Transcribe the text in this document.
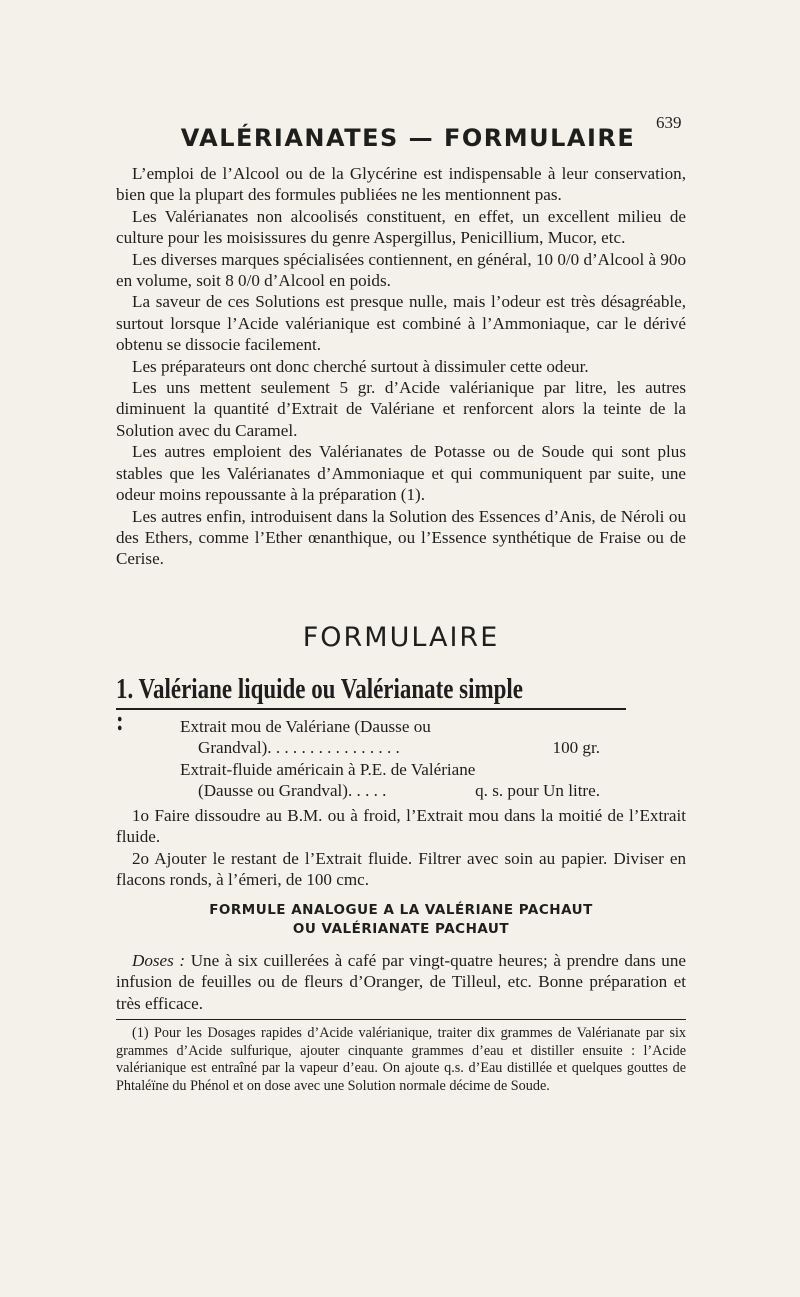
639
VALÉRIANATES — FORMULAIRE

L’emploi de l’Alcool ou de la Glycérine est indispensable à leur conservation, bien que la plupart des formules publiées ne les mentionnent pas.

Les Valérianates non alcoolisés constituent, en effet, un excellent milieu de culture pour les moisissures du genre Aspergillus, Penicillium, Mucor, etc.

Les diverses marques spécialisées contiennent, en général, 10 0/0 d’Alcool à 90o en volume, soit 8 0/0 d’Alcool en poids.

La saveur de ces Solutions est presque nulle, mais l’odeur est très désagréable, surtout lorsque l’Acide valérianique est combiné à l’Ammoniaque, car le dérivé obtenu se dissocie facilement.

Les préparateurs ont donc cherché surtout à dissimuler cette odeur.

Les uns mettent seulement 5 gr. d’Acide valérianique par litre, les autres diminuent la quantité d’Extrait de Valériane et renforcent alors la teinte de la Solution avec du Caramel.

Les autres emploient des Valérianates de Potasse ou de Soude qui sont plus stables que les Valérianates d’Ammoniaque et qui communiquent par suite, une odeur moins repoussante à la préparation (1).

Les autres enfin, introduisent dans la Solution des Essences d’Anis, de Néroli ou des Ethers, comme l’Ether œnanthique, ou l’Essence synthétique de Fraise ou de Cerise.

FORMULAIRE
1. Valériane liquide ou Valérianate simple :	Extrait mou de Valériane (Dausse ou
Grandval). . . . . . . . . . . . . . . .	100 gr.
Extrait-fluide américain à P.E. de Valériane
(Dausse ou Grandval). . . . .	q. s. pour Un litre.

1o Faire dissoudre au B.M. ou à froid, l’Extrait mou dans la moitié de l’Extrait fluide.

2o Ajouter le restant de l’Extrait fluide. Filtrer avec soin au papier. Diviser en flacons ronds, à l’émeri, de 100 cmc.

FORMULE ANALOGUE A LA VALÉRIANE PACHAUT
OU VALÉRIANATE PACHAUT

Doses : Une à six cuillerées à café par vingt-quatre heures; à prendre dans une infusion de feuilles ou de fleurs d’Oranger, de Tilleul, etc. Bonne préparation et très efficace.

(1) Pour les Dosages rapides d’Acide valérianique, traiter dix grammes de Valérianate par six grammes d’Acide sulfurique, ajouter cinquante grammes d’eau et distiller ensuite : l’Acide valérianique est entraîné par la vapeur d’eau. On ajoute q.s. d’Eau distillée et quelques gouttes de Phtaléïne du Phénol et on dose avec une Solution normale décime de Soude.
